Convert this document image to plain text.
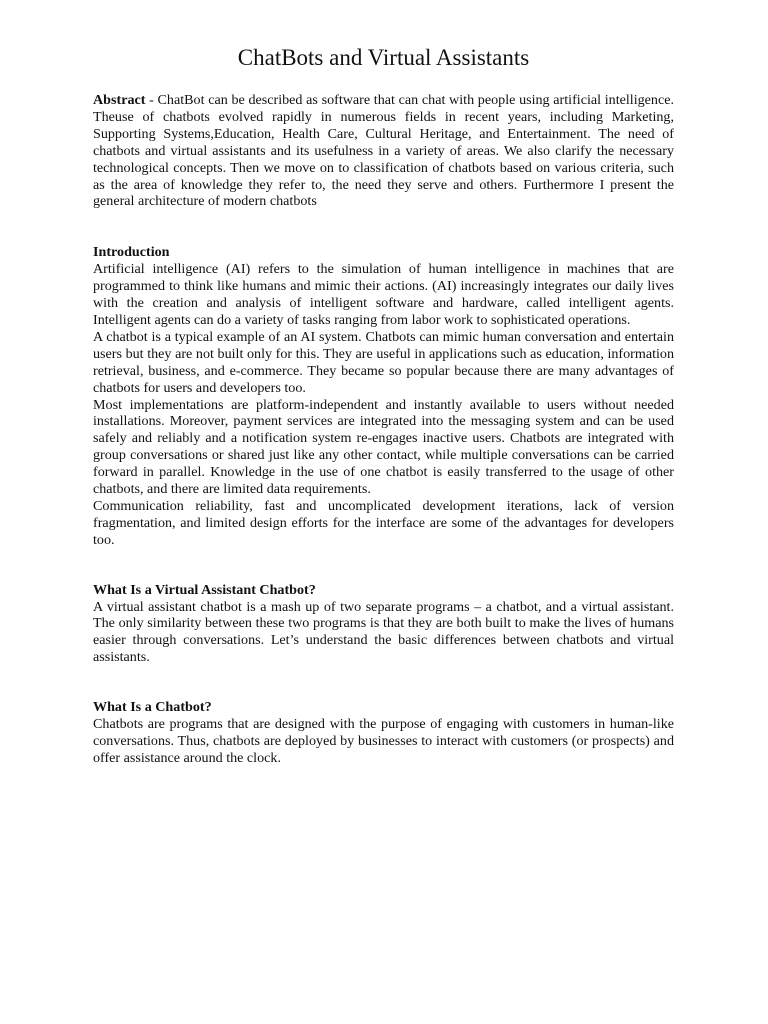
ChatBots and Virtual Assistants

Abstract - ChatBot can be described as software that can chat with people using artificial intelligence. Theuse of chatbots evolved rapidly in numerous fields in recent years, including Marketing, Supporting Systems,Education, Health Care, Cultural Heritage, and Entertainment. The need of chatbots and virtual assistants and its usefulness in a variety of areas. We also clarify the necessary technological concepts. Then we move on to classification of chatbots based on various criteria, such as the area of knowledge they refer to, the need they serve and others. Furthermore I present the general architecture of modern chatbots

Introduction

Artificial intelligence (AI) refers to the simulation of human intelligence in machines that are programmed to think like humans and mimic their actions. (AI) increasingly integrates our daily lives with the creation and analysis of intelligent software and hardware, called intelligent agents. Intelligent agents can do a variety of tasks ranging from labor work to sophisticated operations.

A chatbot is a typical example of an AI system. Chatbots can mimic human conversation and entertain users but they are not built only for this. They are useful in applications such as education, information retrieval, business, and e-commerce. They became so popular because there are many advantages of chatbots for users and developers too.

Most implementations are platform-independent and instantly available to users without needed installations. Moreover, payment services are integrated into the messaging system and can be used safely and reliably and a notification system re-engages inactive users. Chatbots are integrated with group conversations or shared just like any other contact, while multiple conversations can be carried forward in parallel. Knowledge in the use of one chatbot is easily transferred to the usage of other chatbots, and there are limited data requirements.

Communication reliability, fast and uncomplicated development iterations, lack of version fragmentation, and limited design efforts for the interface are some of the advantages for developers too.

What Is a Virtual Assistant Chatbot?

A virtual assistant chatbot is a mash up of two separate programs – a chatbot, and a virtual assistant. The only similarity between these two programs is that they are both built to make the lives of humans easier through conversations. Let’s understand the basic differences between chatbots and virtual assistants.

What Is a Chatbot?

Chatbots are programs that are designed with the purpose of engaging with customers in human-like conversations. Thus, chatbots are deployed by businesses to interact with customers (or prospects) and offer assistance around the clock.
